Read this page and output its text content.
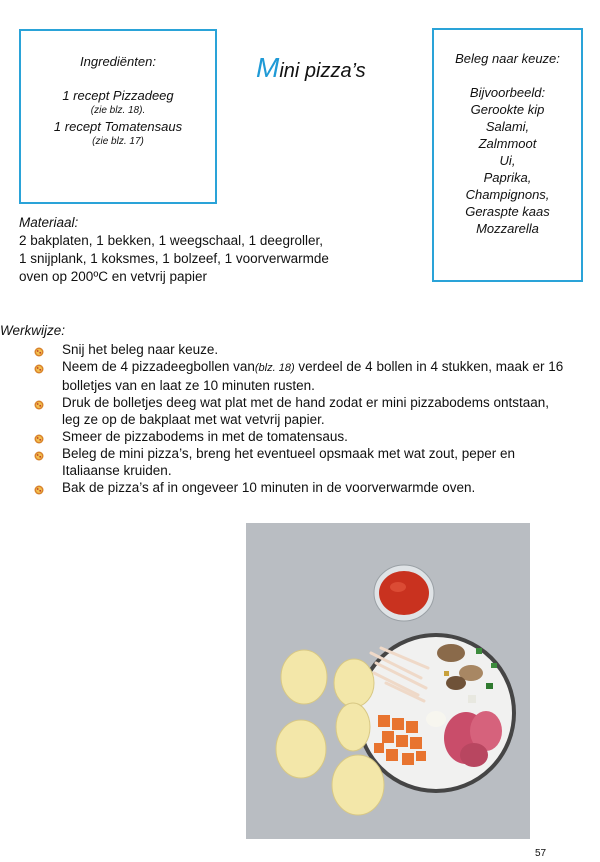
Ingrediënten:
1 recept Pizzadeeg
(zie blz. 18).
1 recept Tomatensaus
(zie blz. 17)
Mini pizza’s
Beleg naar keuze:
Bijvoorbeeld:
Gerookte kip
Salami,
Zalmmoot
Ui,
Paprika,
Champignons,
Geraspte kaas
Mozzarella
Materiaal:
2 bakplaten, 1 bekken, 1 weegschaal, 1 deegroller,
1 snijplank, 1 koksmes, 1 bolzeef, 1 voorverwarmde
oven op 200ºC en vetvrij papier
Werkwijze:
Snij het beleg naar keuze.
Neem de 4 pizzadeegbollen van(blz. 18) verdeel de 4 bollen in 4 stukken, maak er 16 bolletjes van en laat ze 10 minuten rusten.
Druk de bolletjes deeg wat plat met de hand zodat er mini pizzabodems ontstaan, leg ze op de bakplaat met wat vetvrij papier.
Smeer de pizzabodems in met de tomatensaus.
Beleg de mini pizza’s, breng het eventueel opsmaak met wat zout, peper en Italiaanse kruiden.
Bak de pizza’s af in ongeveer 10 minuten in de voorverwarmde oven.
57
